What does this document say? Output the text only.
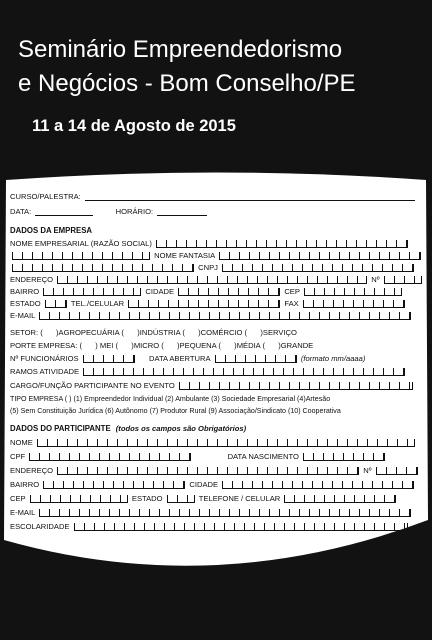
Seminário Empreendedorismo
e Negócios - Bom Conselho/PE
11 a 14 de Agosto de 2015
CURSO/PALESTRA:
DATA:	HORÁRIO:
DADOS DA EMPRESA
NOME EMPRESARIAL (RAZÃO SOCIAL)
NOME FANTASIA
CNPJ
ENDEREÇO	Nº
BAIRRO	CIDADE	CEP
ESTADO	TEL./CELULAR	FAX
E-MAIL
SETOR: ( )AGROPECUÁRIA ( )INDÚSTRIA ( )COMÉRCIO ( )SERVIÇO
PORTE EMPRESA: ( ) MEI ( )MICRO ( )PEQUENA ( )MÉDIA ( )GRANDE
Nº FUNCIONÁRIOS	DATA ABERTURA	(formato mm/aaaa)
RAMOS ATIVIDADE
CARGO/FUNÇÃO PARTICIPANTE NO EVENTO
TIPO EMPRESA ( ) (1) Empreendedor Individual (2) Ambulante (3) Sociedade Empresarial (4)Artesão
(5) Sem Constituição Jurídica (6) Autônomo (7) Produtor Rural (9) Associação/Sindicato (10) Cooperativa
DADOS DO PARTICIPANTE (todos os campos são Obrigatórios)
NOME
CPF	DATA NASCIMENTO
ENDEREÇO	Nº
BAIRRO	CIDADE
CEP	ESTADO	TELEFONE / CELULAR
E-MAIL
ESCOLARIDADE
